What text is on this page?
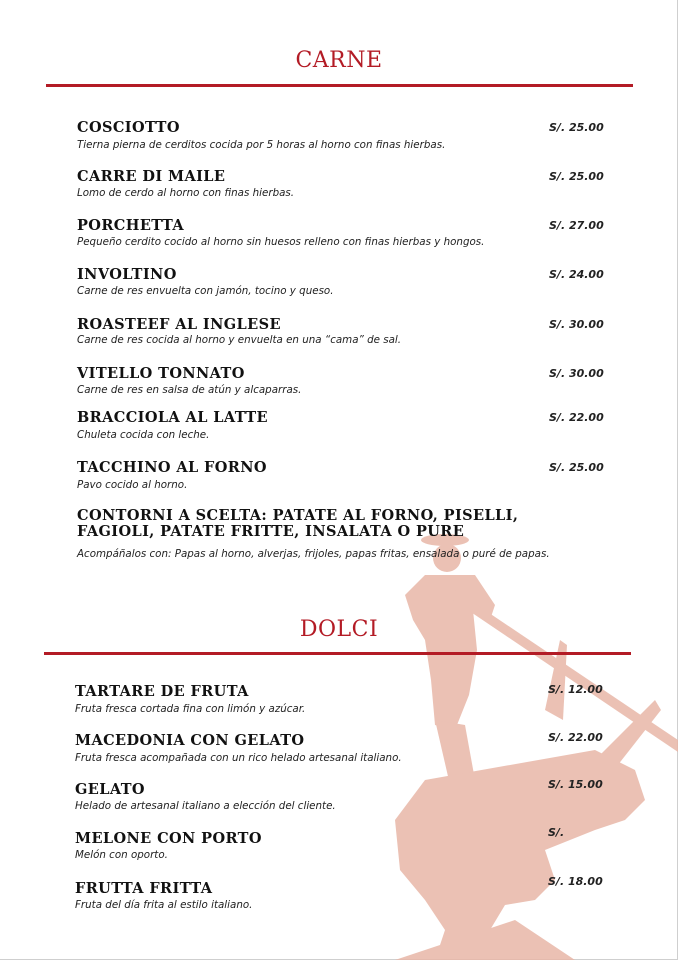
CARNE
COSCIOTTO
Tierna pierna de cerditos cocida por 5 horas al horno con finas hierbas.
S/. 25.00
CARRE DI MAILE
Lomo de cerdo al horno con finas hierbas.
S/. 25.00
PORCHETTA
Pequeño cerdito cocido al horno sin huesos relleno con finas hierbas y hongos.
S/. 27.00
INVOLTINO
Carne de res envuelta con jamón, tocino y queso.
S/. 24.00
ROASTEEF AL INGLESE
Carne de res cocida al horno y envuelta en una “cama” de sal.
S/. 30.00
VITELLO TONNATO
Carne de res en salsa de atún y alcaparras.
S/. 30.00
BRACCIOLA AL LATTE
Chuleta cocida con leche.
S/. 22.00
TACCHINO AL FORNO
Pavo cocido al horno.
S/. 25.00
CONTORNI A SCELTA: PATATE AL FORNO, PISELLI, FAGIOLI, PATATE FRITTE, INSALATA O PURE
Acompáñalos con: Papas al horno, alverjas, frijoles, papas fritas, ensalada o puré de papas.
DOLCI
TARTARE DE FRUTA
Fruta fresca cortada fina con limón y azúcar.
S/. 12.00
MACEDONIA CON GELATO
Fruta fresca acompañada con un rico helado artesanal italiano.
S/. 22.00
GELATO
Helado de artesanal italiano a elección del cliente.
S/. 15.00
MELONE CON PORTO
Melón con oporto.
S/.
FRUTTA FRITTA
Fruta del día frita al estilo italiano.
S/. 18.00
